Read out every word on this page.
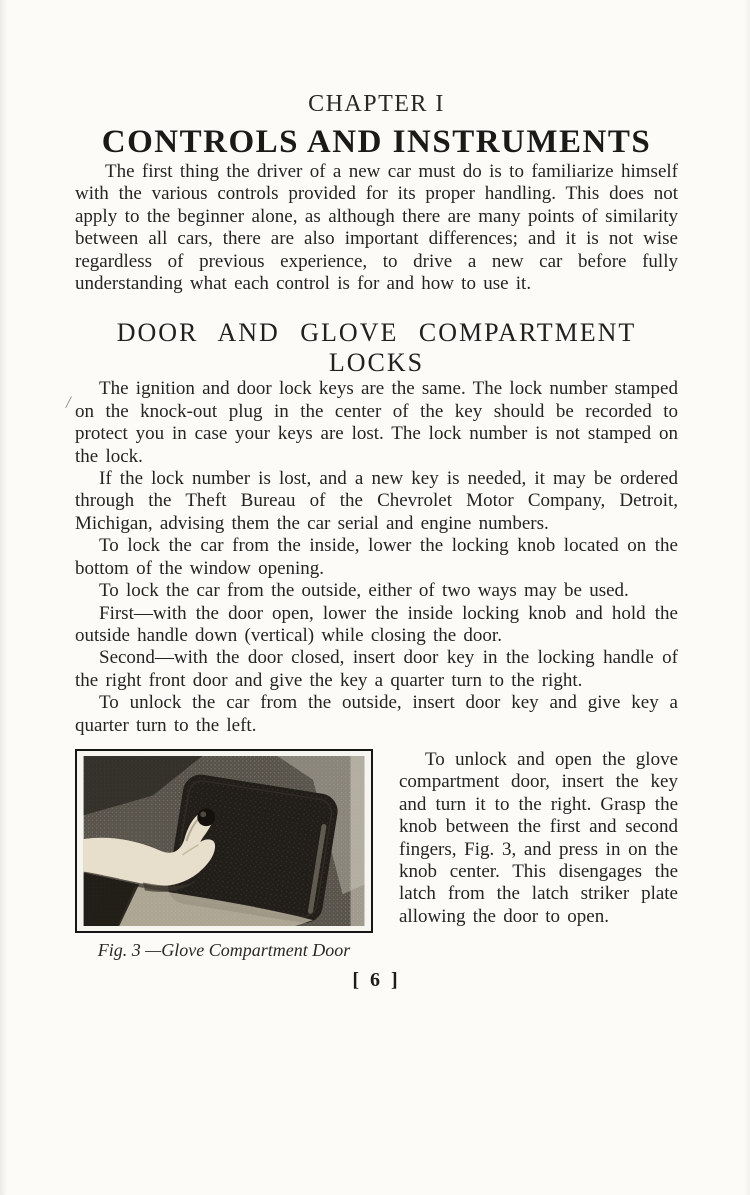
/
CHAPTER I
CONTROLS AND INSTRUMENTS

The first thing the driver of a new car must do is to familiarize himself with the various controls provided for its proper handling. This does not apply to the beginner alone, as although there are many points of similarity between all cars, there are also important differences; and it is not wise regardless of previous experience, to drive a new car before fully understanding what each control is for and how to use it.

DOOR AND GLOVE COMPARTMENT LOCKS

The ignition and door lock keys are the same. The lock number stamped on the knock-out plug in the center of the key should be recorded to protect you in case your keys are lost. The lock number is not stamped on the lock.

If the lock number is lost, and a new key is needed, it may be ordered through the Theft Bureau of the Chevrolet Motor Company, Detroit, Michigan, advising them the car serial and engine numbers.

To lock the car from the inside, lower the locking knob located on the bottom of the window opening.

To lock the car from the outside, either of two ways may be used.

First—with the door open, lower the inside locking knob and hold the outside handle down (vertical) while closing the door.

Second—with the door closed, insert door key in the locking handle of the right front door and give the key a quarter turn to the right.

To unlock the car from the outside, insert door key and give key a quarter turn to the left.

Fig. 3 —Glove Compartment Door

To unlock and open the glove compartment door, insert the key and turn it to the right. Grasp the knob between the first and second fingers, Fig. 3, and press in on the knob center. This disengages the latch from the latch striker plate allowing the door to open.

[ 6 ]
